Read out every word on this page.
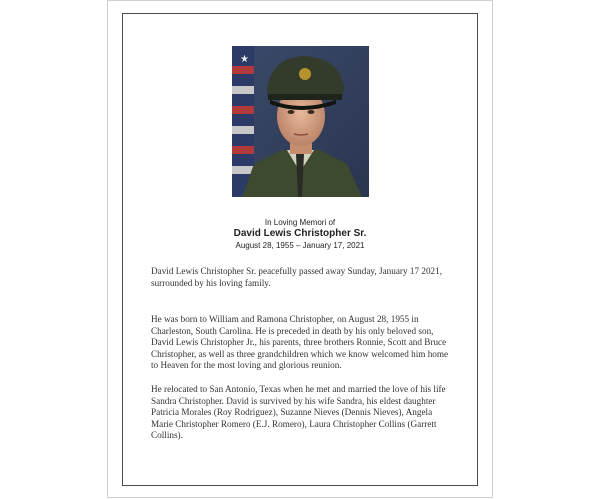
★
In Loving Memori of
David Lewis Christopher Sr.
August 28, 1955 – January 17, 2021

David Lewis Christopher Sr. peacefully passed away Sunday, January 17 2021, surrounded by his loving family.

He was born to William and Ramona Christopher, on August 28, 1955 in Charleston, South Carolina. He is preceded in death by his only beloved son, David Lewis Christopher Jr., his parents, three brothers Ronnie, Scott and Bruce Christopher, as well as three grandchildren which we know welcomed him home to Heaven for the most loving and glorious reunion.

He relocated to San Antonio, Texas when he met and married the love of his life Sandra Christopher. David is survived by his wife Sandra, his eldest daughter Patricia Morales (Roy Rodriguez), Suzanne Nieves (Dennis Nieves), Angela Marie Christopher Romero (E.J. Romero), Laura Christopher Collins (Garrett Collins).
